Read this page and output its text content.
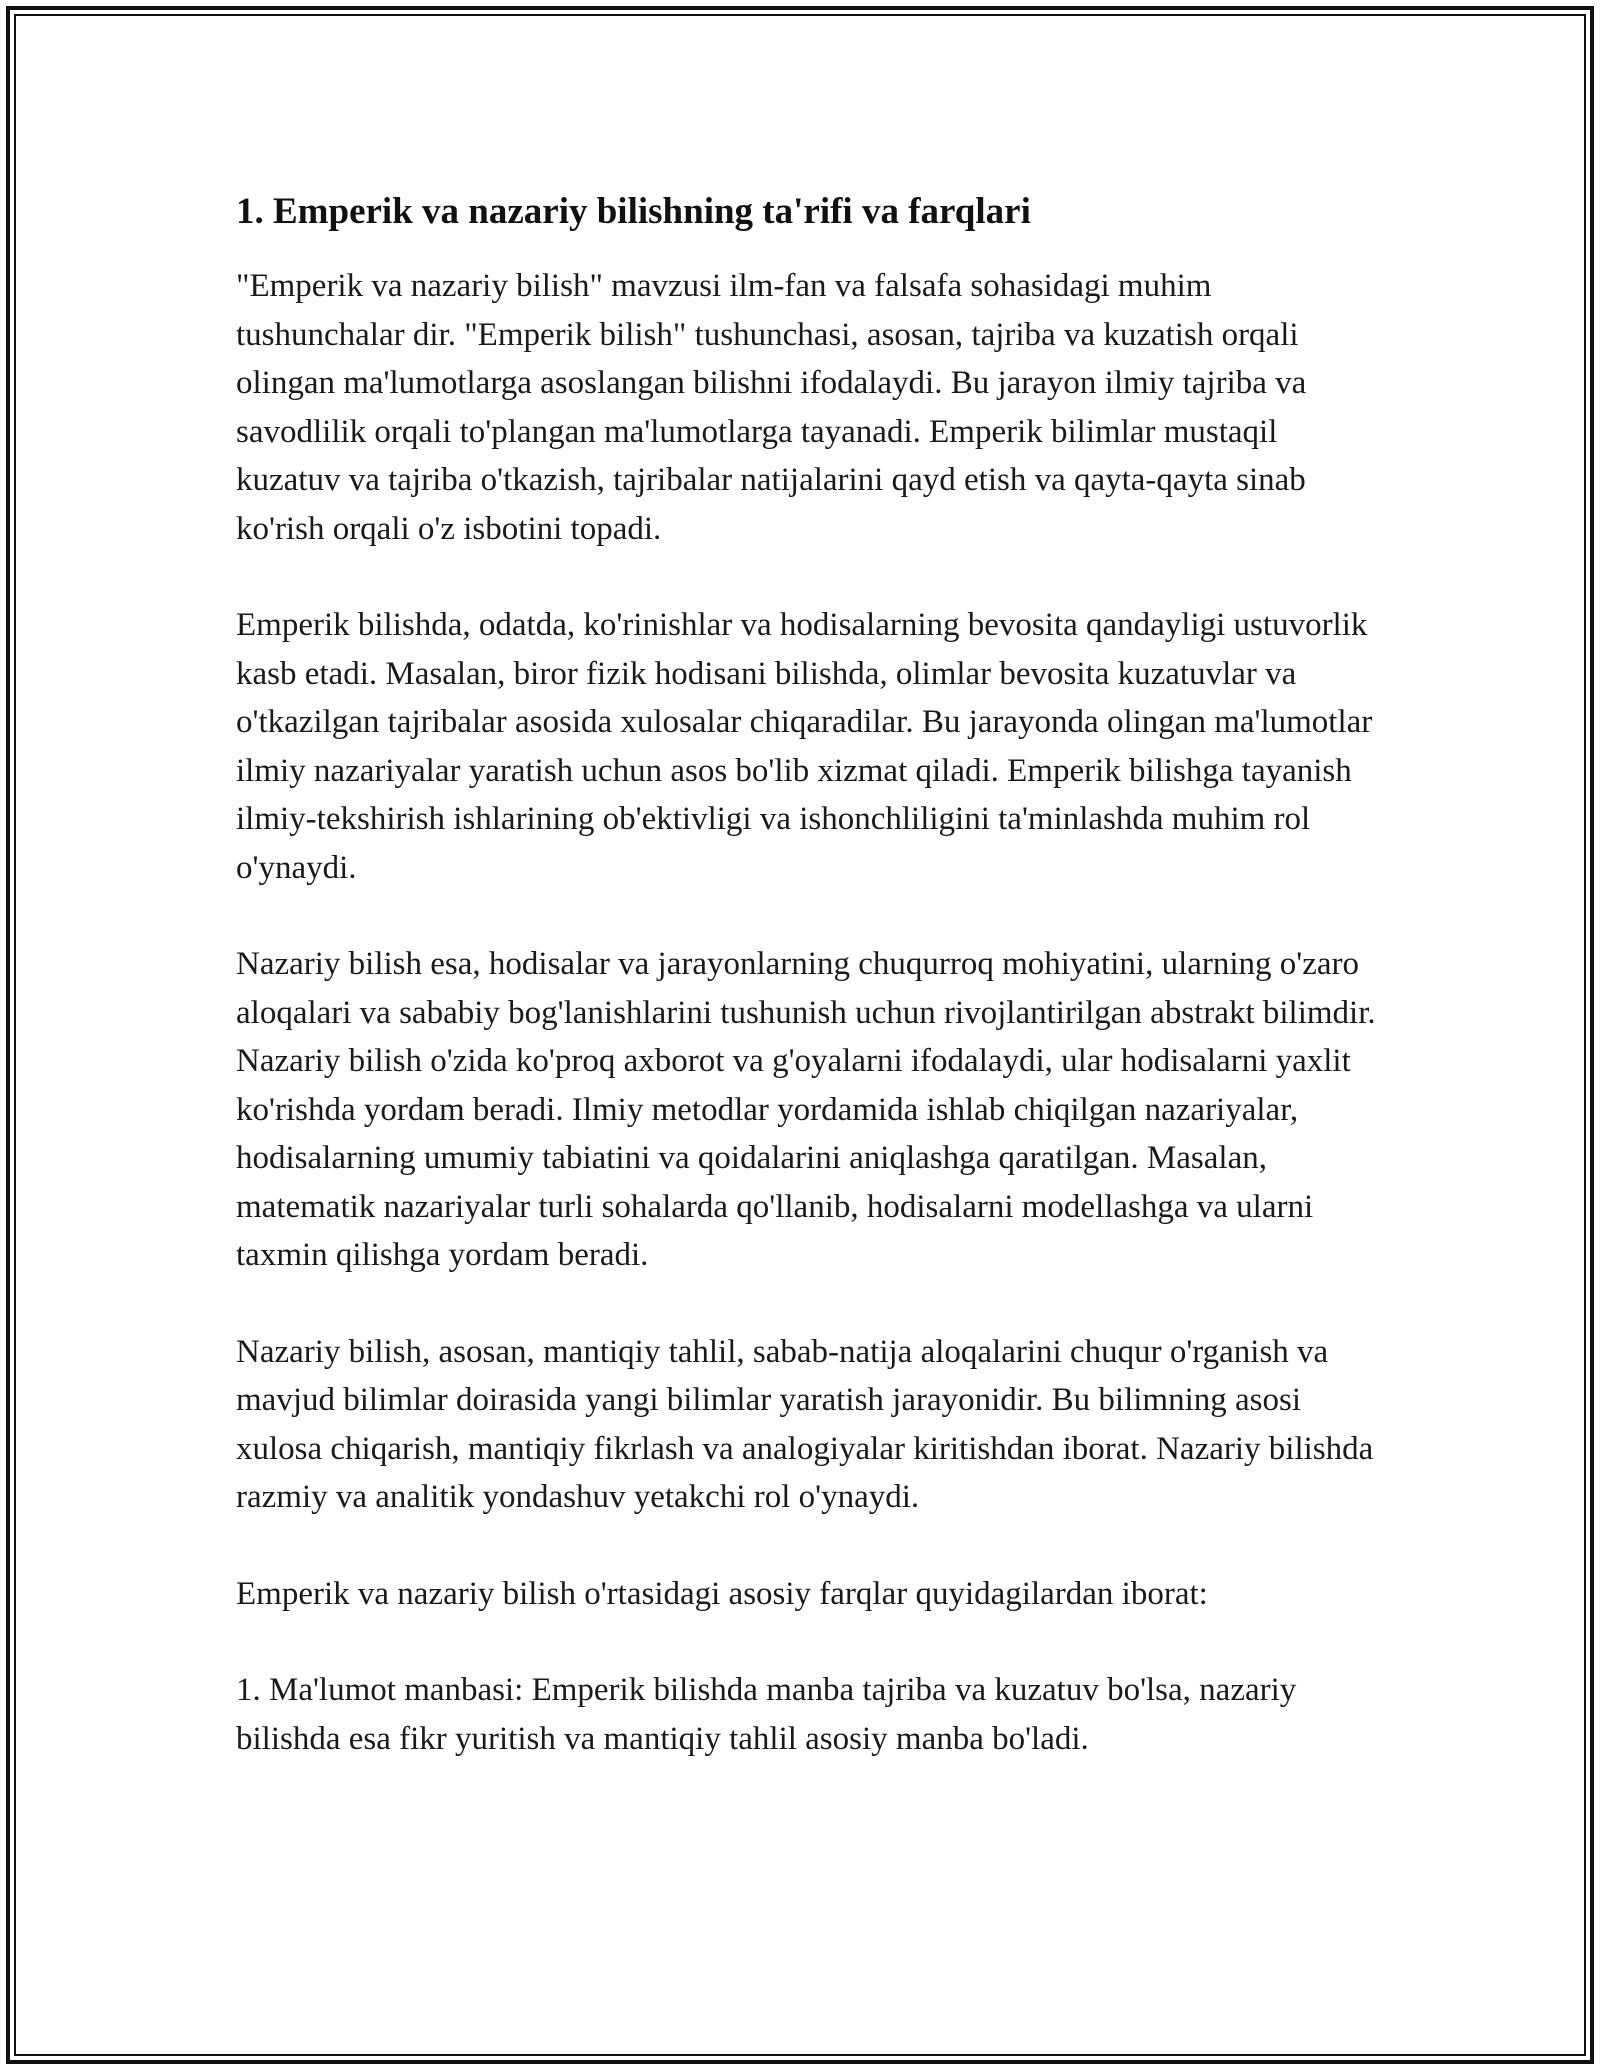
1. Emperik va nazariy bilishning ta'rifi va farqlari

"Emperik va nazariy bilish" mavzusi ilm-fan va falsafa sohasidagi muhim tushunchalar dir. "Emperik bilish" tushunchasi, asosan, tajriba va kuzatish orqali olingan ma'lumotlarga asoslangan bilishni ifodalaydi. Bu jarayon ilmiy tajriba va savodlilik orqali to'plangan ma'lumotlarga tayanadi. Emperik bilimlar mustaqil kuzatuv va tajriba o'tkazish, tajribalar natijalarini qayd etish va qayta-qayta sinab ko'rish orqali o'z isbotini topadi.

Emperik bilishda, odatda, ko'rinishlar va hodisalarning bevosita qandayligi ustuvorlik kasb etadi. Masalan, biror fizik hodisani bilishda, olimlar bevosita kuzatuvlar va o'tkazilgan tajribalar asosida xulosalar chiqaradilar. Bu jarayonda olingan ma'lumotlar ilmiy nazariyalar yaratish uchun asos bo'lib xizmat qiladi. Emperik bilishga tayanish ilmiy-tekshirish ishlarining ob'ektivligi va ishonchliligini ta'minlashda muhim rol o'ynaydi.

Nazariy bilish esa, hodisalar va jarayonlarning chuqurroq mohiyatini, ularning o'zaro aloqalari va sababiy bog'lanishlarini tushunish uchun rivojlantirilgan abstrakt bilimdir. Nazariy bilish o'zida ko'proq axborot va g'oyalarni ifodalaydi, ular hodisalarni yaxlit ko'rishda yordam beradi. Ilmiy metodlar yordamida ishlab chiqilgan nazariyalar, hodisalarning umumiy tabiatini va qoidalarini aniqlashga qaratilgan. Masalan, matematik nazariyalar turli sohalarda qo'llanib, hodisalarni modellashga va ularni taxmin qilishga yordam beradi.

Nazariy bilish, asosan, mantiqiy tahlil, sabab-natija aloqalarini chuqur o'rganish va mavjud bilimlar doirasida yangi bilimlar yaratish jarayonidir. Bu bilimning asosi xulosa chiqarish, mantiqiy fikrlash va analogiyalar kiritishdan iborat. Nazariy bilishda razmiy va analitik yondashuv yetakchi rol o'ynaydi.

Emperik va nazariy bilish o'rtasidagi asosiy farqlar quyidagilardan iborat:

1. Ma'lumot manbasi: Emperik bilishda manba tajriba va kuzatuv bo'lsa, nazariy bilishda esa fikr yuritish va mantiqiy tahlil asosiy manba bo'ladi.
